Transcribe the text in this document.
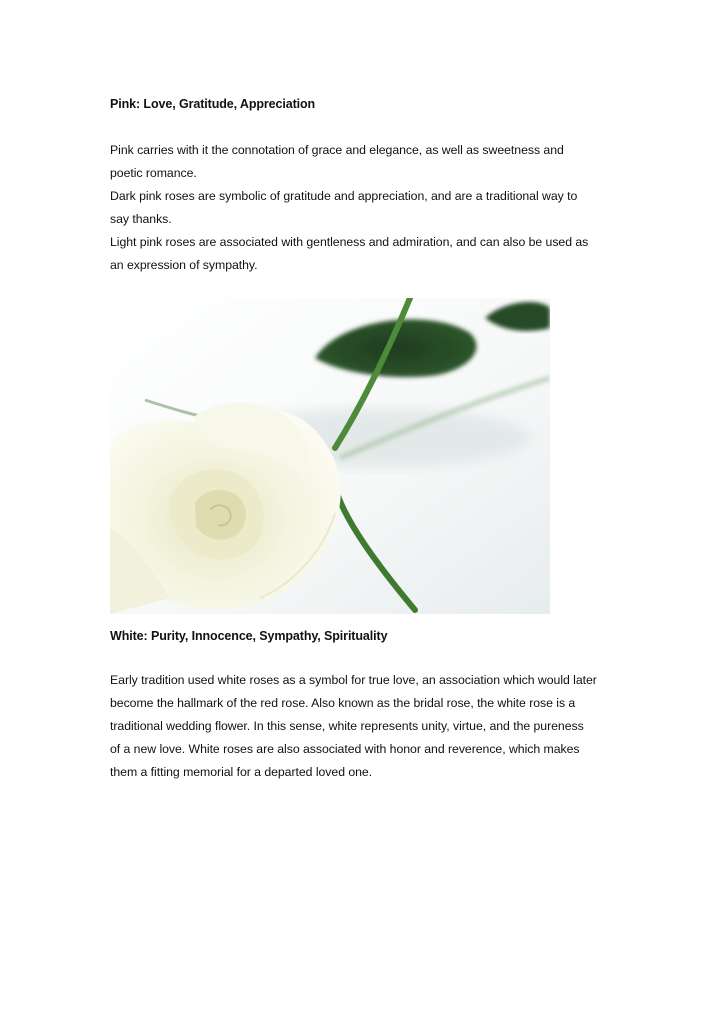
Pink: Love, Gratitude, Appreciation

Pink carries with it the connotation of grace and elegance, as well as sweetness and
poetic romance.
Dark pink roses are symbolic of gratitude and appreciation, and are a traditional way to
say thanks.
Light pink roses are associated with gentleness and admiration, and can also be used as
an expression of sympathy.

White: Purity, Innocence, Sympathy, Spirituality

Early tradition used white roses as a symbol for true love, an association which would later
become the hallmark of the red rose. Also known as the bridal rose, the white rose is a
traditional wedding flower. In this sense, white represents unity, virtue, and the pureness
of a new love. White roses are also associated with honor and reverence, which makes
them a fitting memorial for a departed loved one.
